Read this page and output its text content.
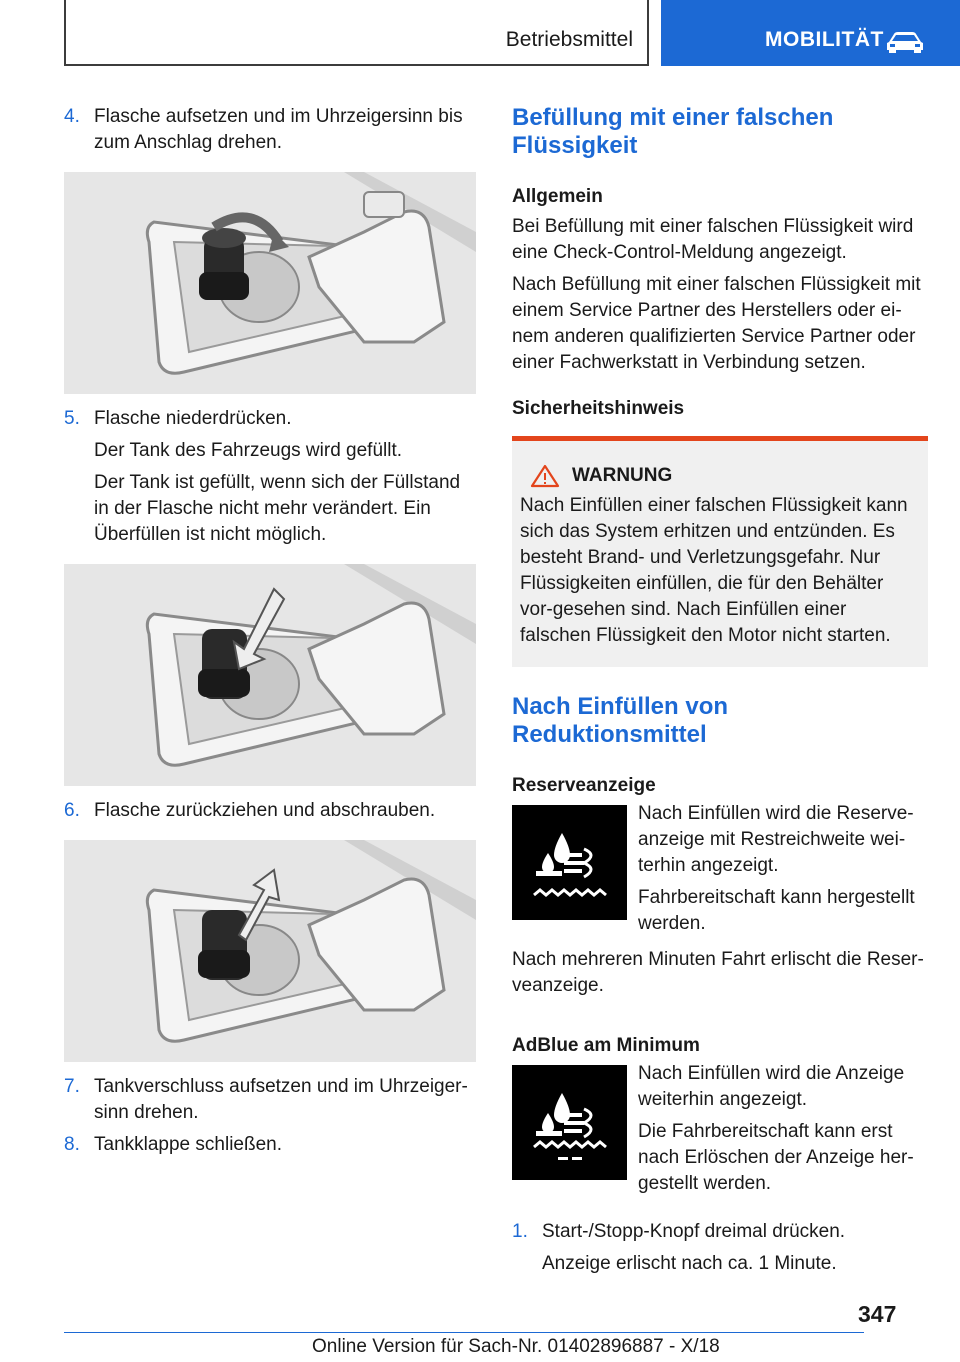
Betriebsmittel	MOBILITÄT
4. Flasche aufsetzen und im Uhrzeigersinn bis zum Anschlag drehen.

5. Flasche niederdrücken.

Der Tank des Fahrzeugs wird gefüllt.

Der Tank ist gefüllt, wenn sich der Füllstand in der Flasche nicht mehr verändert. Ein Überfüllen ist nicht möglich.

6. Flasche zurückziehen und abschrauben.

7. Tankverschluss aufsetzen und im Uhrzeiger-sinn drehen.

8. Tankklappe schließen.

Befüllung mit einer falschen Flüssigkeit
Allgemein

Bei Befüllung mit einer falschen Flüssigkeit wird eine Check-Control-Meldung angezeigt.

Nach Befüllung mit einer falschen Flüssigkeit mit einem Service Partner des Herstellers oder ei-nem anderen qualifizierten Service Partner oder einer Fachwerkstatt in Verbindung setzen.

Sicherheitshinweis
WARNUNG

Nach Einfüllen einer falschen Flüssigkeit kann sich das System erhitzen und entzünden. Es besteht Brand- und Verletzungsgefahr. Nur Flüssigkeiten einfüllen, die für den Behälter vor-gesehen sind. Nach Einfüllen einer falschen Flüssigkeit den Motor nicht starten.

Nach Einfüllen von Reduktionsmittel
Reserveanzeige

Nach Einfüllen wird die Reserve-anzeige mit Restreichweite wei-terhin angezeigt.

Fahrbereitschaft kann hergestellt werden.

Nach mehreren Minuten Fahrt erlischt die Reser-veanzeige.

AdBlue am Minimum

Nach Einfüllen wird die Anzeige weiterhin angezeigt.

Die Fahrbereitschaft kann erst nach Erlöschen der Anzeige her-gestellt werden.

1. Start-/Stopp-Knopf dreimal drücken.

Anzeige erlischt nach ca. 1 Minute.

347
Online Version für Sach-Nr. 01402896887 - X/18
